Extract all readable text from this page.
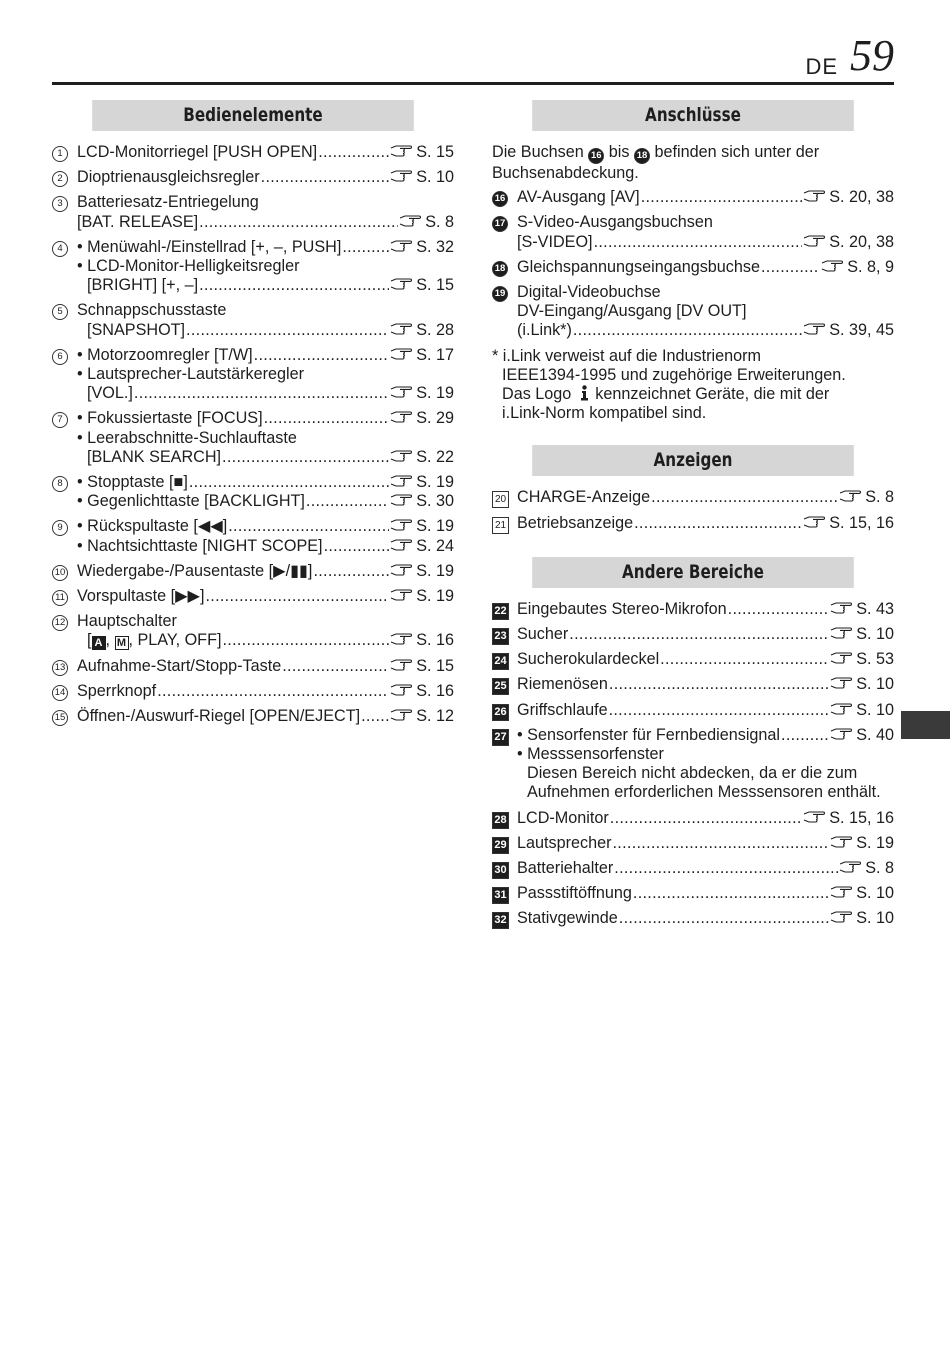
DE 59
Bedienelemente
1 LCD-Monitorriegel [PUSH OPEN] .....	S. 15
2 Dioptrienausgleichsregler .....	S. 10
3 Batteriesatz-Entriegelung
[BAT. RELEASE] .....	S. 8
4 • Menüwahl-/Einstellrad [+, –, PUSH] .....	S. 32
• LCD-Monitor-Helligkeitsregler
[BRIGHT] [+, –] .....	S. 15
5 Schnappschusstaste
[SNAPSHOT] .....	S. 28
6 • Motorzoomregler [T/W] .....	S. 17
• Lautsprecher-Lautstärkeregler
[VOL.] .....	S. 19
7 • Fokussiertaste [FOCUS] .....	S. 29
• Leerabschnitte-Suchlauftaste
[BLANK SEARCH] .....	S. 22
8 • Stopptaste [■] .....	S. 19
• Gegenlichttaste [BACKLIGHT] .....	S. 30
9 • Rückspultaste [◀◀] .....	S. 19
• Nachtsichttaste [NIGHT SCOPE] .....	S. 24
10 Wiedergabe-/Pausentaste [▶/▮▮] .....	S. 19
11 Vorspultaste [▶▶] .....	S. 19
12 Hauptschalter
[ A , M , PLAY, OFF] .....	S. 16
13 Aufnahme-Start/Stopp-Taste .....	S. 15
14 Sperrknopf .....	S. 16
15 Öffnen-/Auswurf-Riegel [OPEN/EJECT] .....	S. 12
Anschlüsse
Die Buchsen 16 bis 18 befinden sich unter der Buchsenabdeckung.
16 AV-Ausgang [AV] .....	S. 20, 38
17 S-Video-Ausgangsbuchsen
[S-VIDEO] .....	S. 20, 38
18 Gleichspannungseingangsbuchse .....	S. 8, 9
19 Digital-Videobuchse
DV-Eingang/Ausgang [DV OUT]
(i.Link*) .....	S. 39, 45
* i.Link verweist auf die Industrienorm
IEEE1394-1995 und zugehörige Erweiterungen.
Das Logo kennzeichnet Geräte, die mit der
i.Link-Norm kompatibel sind.
Anzeigen
20 CHARGE-Anzeige .....	S. 8
21 Betriebsanzeige .....	S. 15, 16
Andere Bereiche
22 Eingebautes Stereo-Mikrofon .....	S. 43
23 Sucher .....	S. 10
24 Sucherokulardeckel .....	S. 53
25 Riemenösen .....	S. 10
26 Griffschlaufe .....	S. 10
27 • Sensorfenster für Fernbediensignal .....	S. 40
• Messsensorfenster
Diesen Bereich nicht abdecken, da er die zum
Aufnehmen erforderlichen Messsensoren enthält.
28 LCD-Monitor .....	S. 15, 16
29 Lautsprecher .....	S. 19
30 Batteriehalter .....	S. 8
31 Passstiftöffnung .....	S. 10
32 Stativgewinde .....	S. 10
